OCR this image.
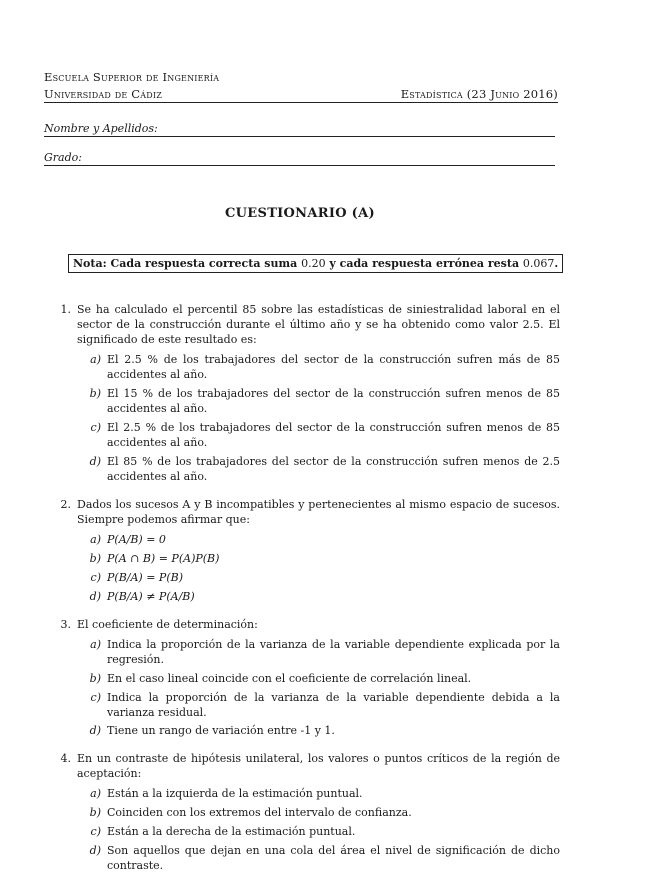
Escuela Superior de Ingeniería
Universidad de Cádiz	Estadística (23 Junio 2016)
Nombre y Apellidos:
Grado:
CUESTIONARIO (A)
Nota: Cada respuesta correcta suma 0.20 y cada respuesta errónea resta 0.067.
1. Se ha calculado el percentil 85 sobre las estadísticas de siniestralidad laboral en el sector de la construcción durante el último año y se ha obtenido como valor 2.5. El significado de este resultado es:
a) El 2.5 % de los trabajadores del sector de la construcción sufren más de 85 accidentes al año.
b) El 15 % de los trabajadores del sector de la construcción sufren menos de 85 accidentes al año.
c) El 2.5 % de los trabajadores del sector de la construcción sufren menos de 85 accidentes al año.
d) El 85 % de los trabajadores del sector de la construcción sufren menos de 2.5 accidentes al año.
2. Dados los sucesos A y B incompatibles y pertenecientes al mismo espacio de sucesos. Siempre podemos afirmar que:
a) P(A/B) = 0
b) P(A ∩ B) = P(A)P(B)
c) P(B/A) = P(B)
d) P(B/A) ≠ P(A/B)
3. El coeficiente de determinación:
a) Indica la proporción de la varianza de la variable dependiente explicada por la regresión.
b) En el caso lineal coincide con el coeficiente de correlación lineal.
c) Indica la proporción de la varianza de la variable dependiente debida a la varianza residual.
d) Tiene un rango de variación entre -1 y 1.
4. En un contraste de hipótesis unilateral, los valores o puntos críticos de la región de aceptación:
a) Están a la izquierda de la estimación puntual.
b) Coinciden con los extremos del intervalo de confianza.
c) Están a la derecha de la estimación puntual.
d) Son aquellos que dejan en una cola del área el nivel de significación de dicho contraste.
